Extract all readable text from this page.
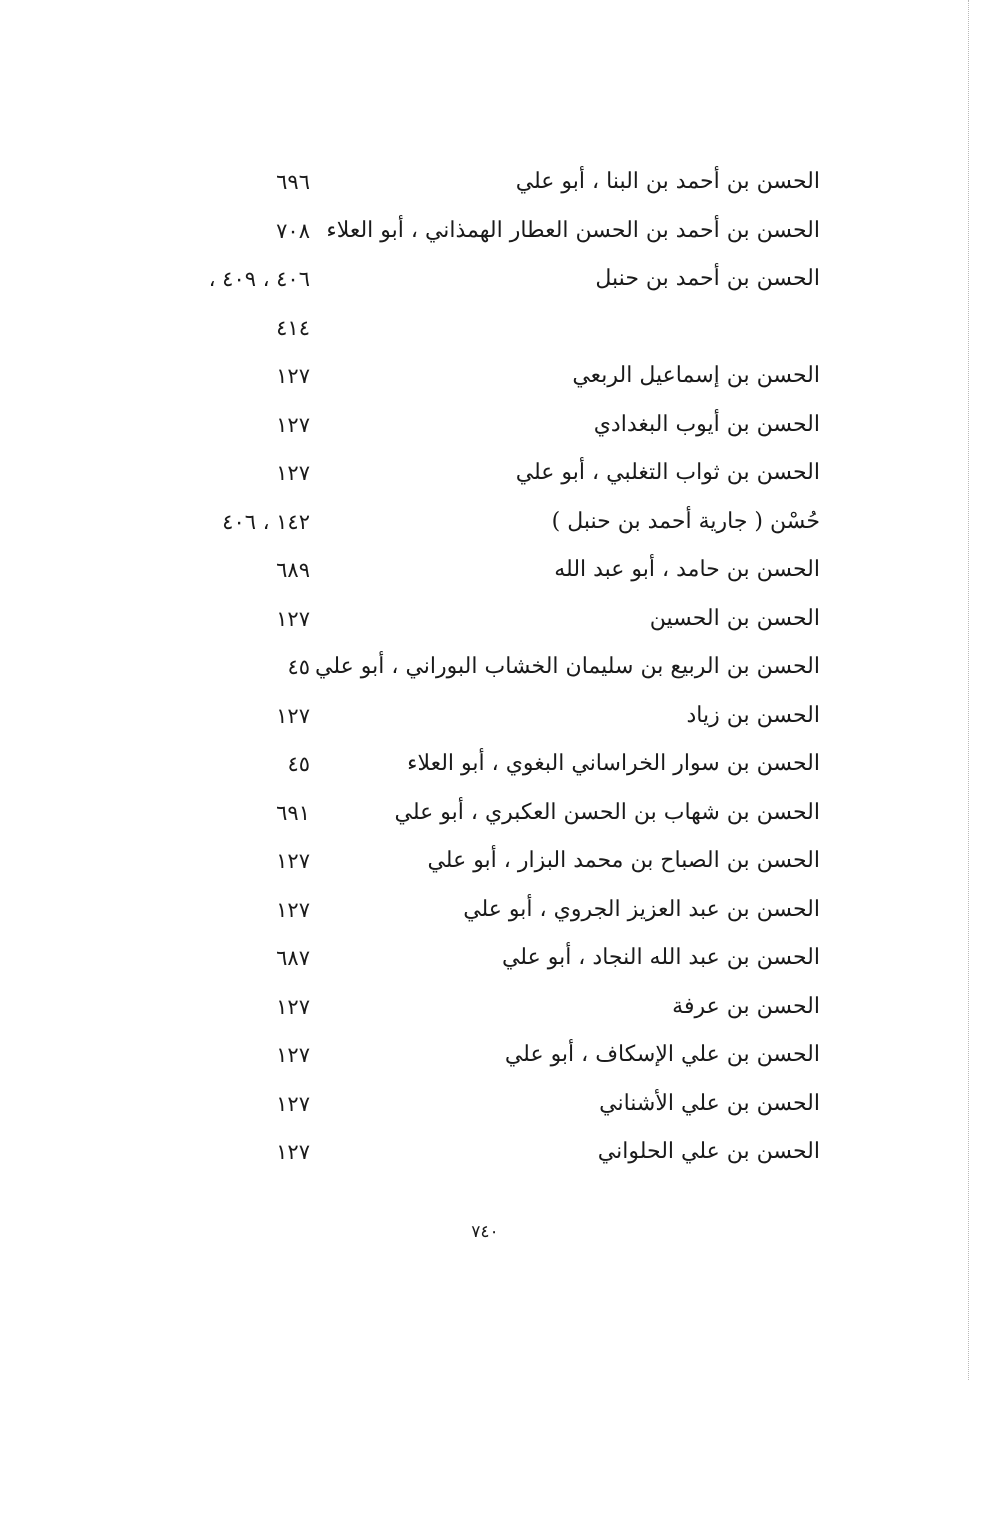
الحسن بن أحمد بن البنا ، أبو علي
٦٩٦
الحسن بن أحمد بن الحسن العطار الهمذاني ، أبو العلاء
٧٠٨
الحسن بن أحمد بن حنبل
٤٠٦ ، ٤٠٩ ،
٤١٤
الحسن بن إسماعيل الربعي
١٢٧
الحسن بن أيوب البغدادي
١٢٧
الحسن بن ثواب التغلبي ، أبو علي
١٢٧
حُسْن ( جارية أحمد بن حنبل )
١٤٢ ، ٤٠٦
الحسن بن حامد ، أبو عبد الله
٦٨٩
الحسن بن الحسين
١٢٧
الحسن بن الربيع بن سليمان الخشاب البوراني ، أبو علي
٤٥
الحسن بن زياد
١٢٧
الحسن بن سوار الخراساني البغوي ، أبو العلاء
٤٥
الحسن بن شهاب بن الحسن العكبري ، أبو علي
٦٩١
الحسن بن الصباح بن محمد البزار ، أبو علي
١٢٧
الحسن بن عبد العزيز الجروي ، أبو علي
١٢٧
الحسن بن عبد الله النجاد ، أبو علي
٦٨٧
الحسن بن عرفة
١٢٧
الحسن بن علي الإسكاف ، أبو علي
١٢٧
الحسن بن علي الأشناني
١٢٧
الحسن بن علي الحلواني
١٢٧
٧٤٠
